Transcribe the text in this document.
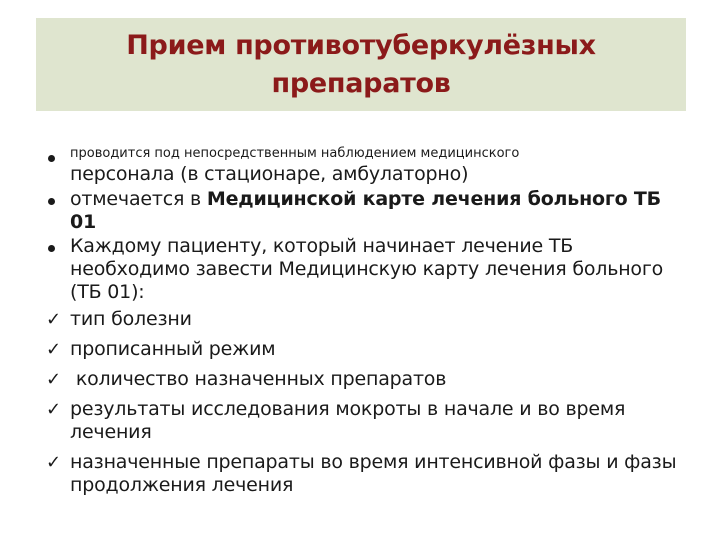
Прием противотуберкулёзных
препаратов
проводится под непосредственным наблюдением медицинского
персонала (в стационаре, амбулаторно)
отмечается в Медицинской карте лечения больного ТБ 01
Каждому пациенту, который начинает лечение ТБ необходимо завести Медицинскую карту лечения больного (ТБ 01):
✓ тип болезни
✓ прописанный режим
✓ количество назначенных препаратов
✓ результаты исследования мокроты в начале и во время лечения
✓ назначенные препараты во время интенсивной фазы и фазы продолжения лечения
